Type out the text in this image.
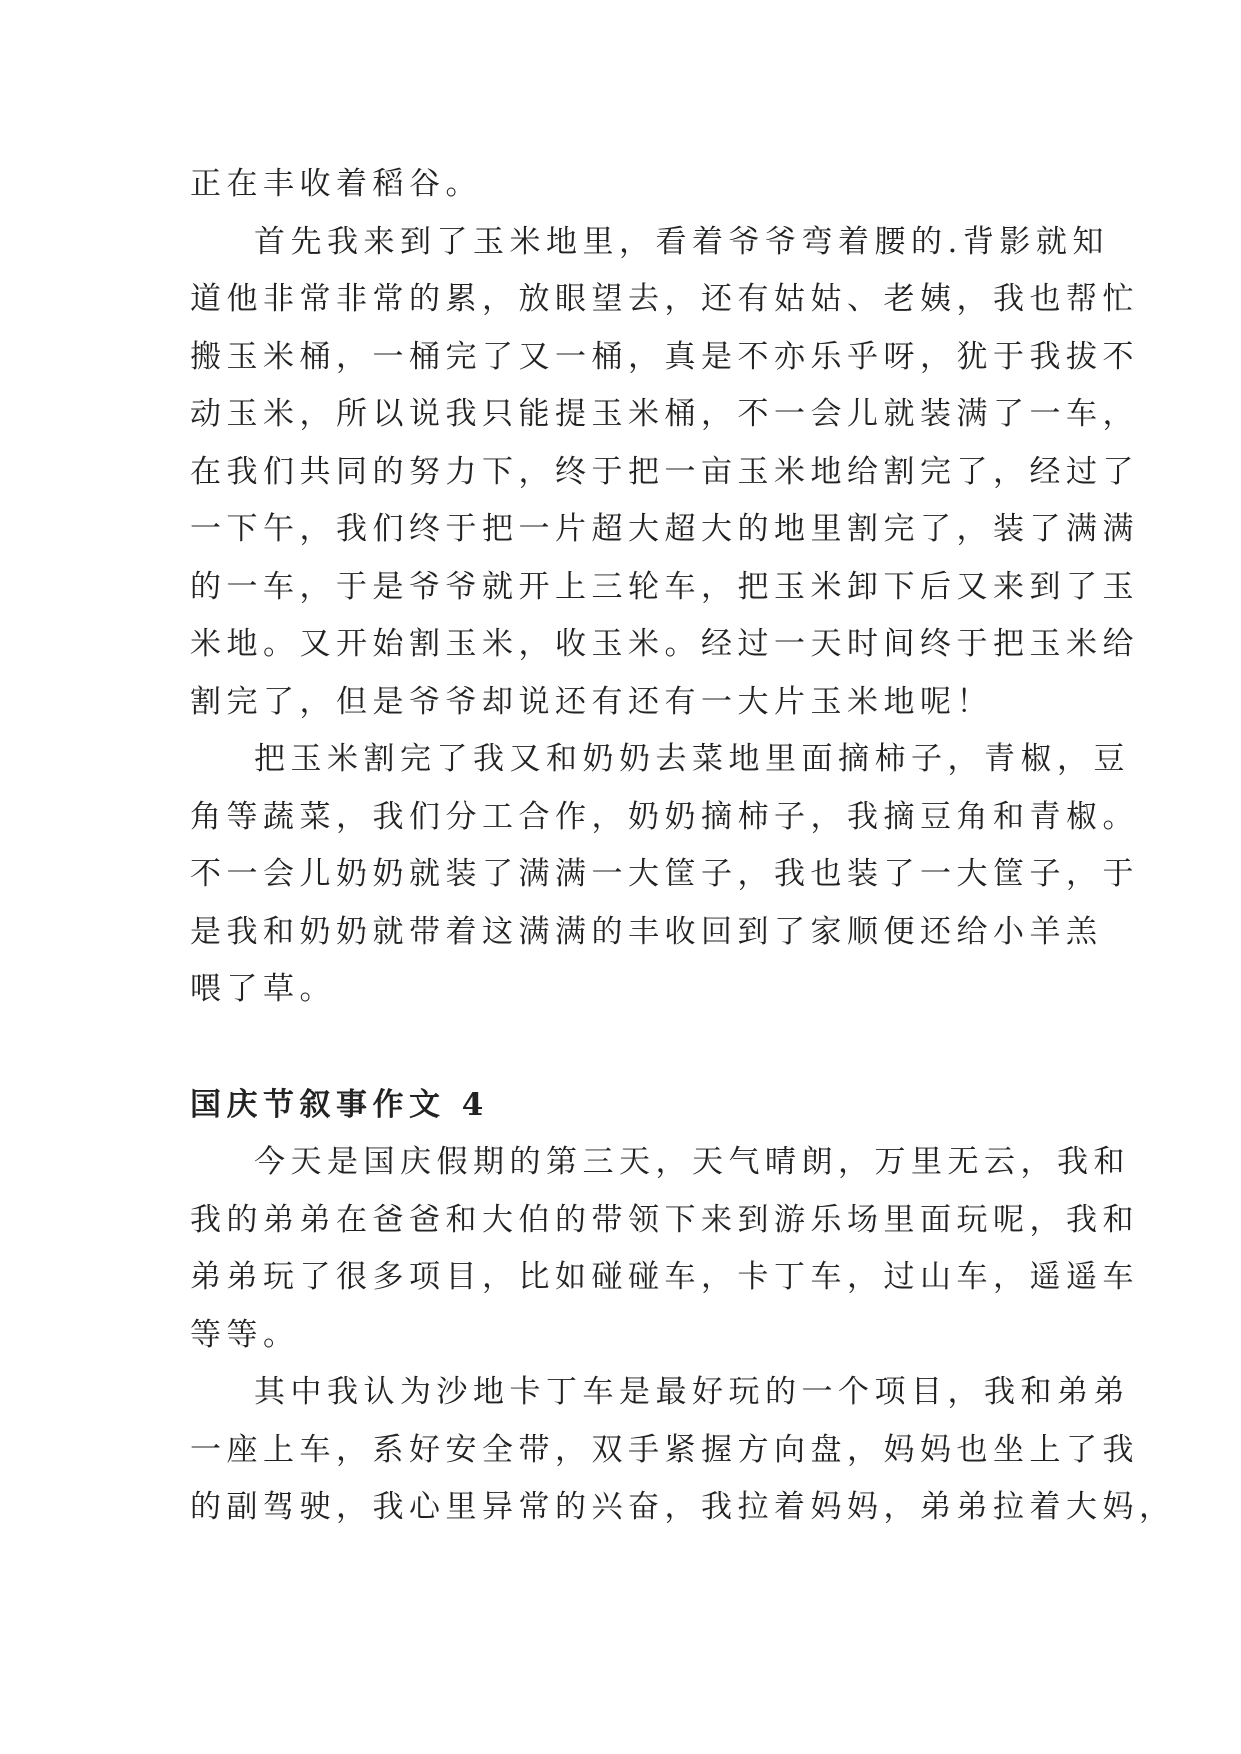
正在丰收着稻谷。

首先我来到了玉米地里，看着爷爷弯着腰的.背影就知

道他非常非常的累，放眼望去，还有姑姑、老姨，我也帮忙

搬玉米桶，一桶完了又一桶，真是不亦乐乎呀，犹于我拔不

动玉米，所以说我只能提玉米桶，不一会儿就装满了一车，

在我们共同的努力下，终于把一亩玉米地给割完了，经过了

一下午，我们终于把一片超大超大的地里割完了，装了满满

的一车，于是爷爷就开上三轮车，把玉米卸下后又来到了玉

米地。又开始割玉米，收玉米。经过一天时间终于把玉米给

割完了，但是爷爷却说还有还有一大片玉米地呢！

把玉米割完了我又和奶奶去菜地里面摘柿子，青椒，豆

角等蔬菜，我们分工合作，奶奶摘柿子，我摘豆角和青椒。

不一会儿奶奶就装了满满一大筐子，我也装了一大筐子，于

是我和奶奶就带着这满满的丰收回到了家顺便还给小羊羔

喂了草。

国庆节叙事作文 4

今天是国庆假期的第三天，天气晴朗，万里无云，我和

我的弟弟在爸爸和大伯的带领下来到游乐场里面玩呢，我和

弟弟玩了很多项目，比如碰碰车，卡丁车，过山车，遥遥车

等等。

其中我认为沙地卡丁车是最好玩的一个项目，我和弟弟

一座上车，系好安全带，双手紧握方向盘，妈妈也坐上了我

的副驾驶，我心里异常的兴奋，我拉着妈妈，弟弟拉着大妈，
